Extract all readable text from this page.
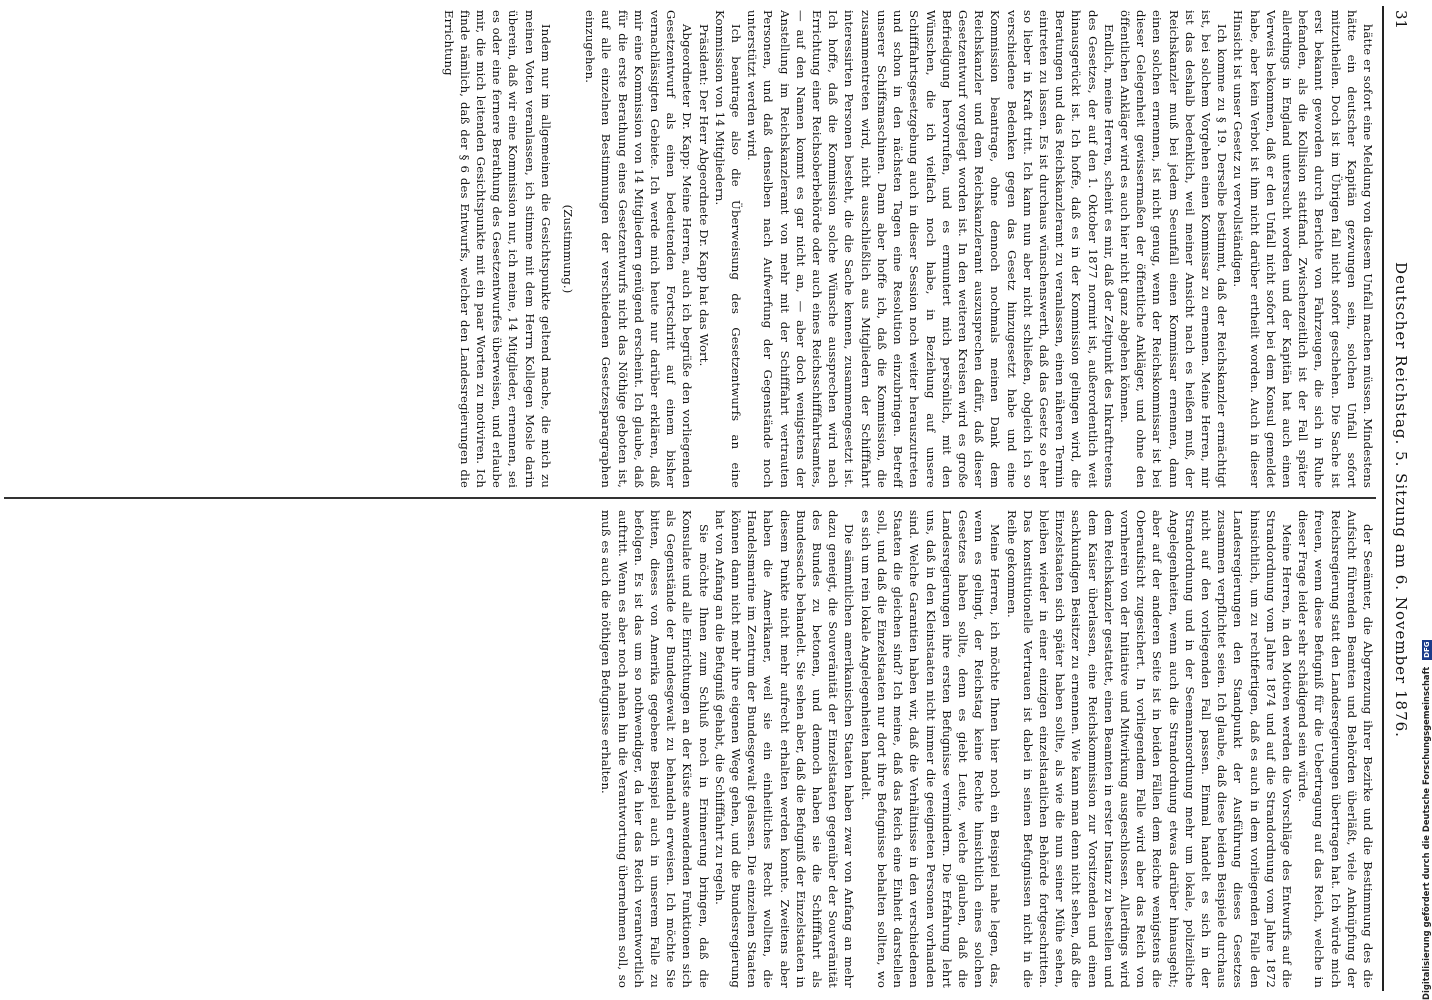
31
Deutscher Reichstag. 5. Sitzung am 6. November 1876.

hätte er sofort eine Meldung von diesem Unfall machen müssen. Mindestens hätte ein deutscher Kapitän gezwungen sein, solchen Unfall sofort mitzutheilen. Doch ist im Übrigen fall nicht sofort geschehen. Die Sache ist erst bekannt geworden durch Berichte von Fahrzeugen, die sich in Ruhe befanden, als die Kollision stattfand. Zwischenzeitlich ist der Fall später allerdings in England untersucht worden und der Kapitän hat auch einen Verweis bekommen, daß er den Unfall nicht sofort bei dem Konsul gemeldet habe, aber kein Verbot ist ihm nicht darüber ertheilt worden. Auch in dieser Hinsicht ist unser Gesetz zu vervollständigen.

Ich komme zu § 19. Derselbe bestimmt, daß der Reichskanzler ermächtigt ist, bei solchem Vorgehen einen Kommissar zu ernennen. Meine Herren, mir ist das deshalb bedenklich, weil meiner Ansicht nach es heißen muß, der Reichskanzler muß bei jedem Seeunfall einen Kommissar ernennen, dann einen solchen ernennen, ist nicht genug, wenn der Reichskommissar ist bei dieser Gelegenheit gewissermaßen der öffentliche Ankläger, und ohne den öffentlichen Ankläger wird es auch hier nicht ganz abgehen können.

Endlich, meine Herren, scheint es mir, daß der Zeitpunkt des Inkrafttretens des Gesetzes, der auf den 1. Oktober 1877 normirt ist, außerordentlich weit hinausgerückt ist. Ich hoffe, daß es in der Kommission gelingen wird, die Beratungen und das Reichskanzleramt zu veranlassen, einen näheren Termin eintreten zu lassen. Es ist durchaus wünschenswerth, daß das Gesetz so eher so lieber in Kraft tritt. Ich kann nun aber nicht schließen, obgleich ich so verschiedene Bedenken gegen das Gesetz hinzugesetzt habe und eine Kommission beantrage, ohne dennoch nochmals meinen Dank dem Reichskanzler und dem Reichskanzleramt auszusprechen dafür, daß dieser Gesetzentwurf vorgelegt worden ist. In den weiteren Kreisen wird es große Befriedigung hervorrufen, und es ermuntert mich persönlich, mit den Wünschen, die ich vielfach noch habe, in Beziehung auf unsere Schifffahrtsgesetzgebung auch in dieser Session noch weiter herauszutreten und schon in den nächsten Tagen eine Resolution einzubringen. Betreff unserer Schiffsmaschinen. Dann aber hoffe ich, daß die Kommission, die zusammentreten wird, nicht ausschließlich aus Mitgliedern der Schifffahrt interessirten Personen besteht, die die Sache kennen, zusammengesetzt ist. Ich hoffe, daß die Kommission solche Wünsche aussprechen wird nach Errichtung einer Reichsoberbehörde oder auch eines Reichsschifffahrtsamtes, — auf den Namen kommt es gar nicht an, — aber doch wenigstens der Anstellung im Reichskanzleramt von mehr mit der Schifffahrt vertrauten Personen, und daß denselben nach Aufwerfung der Gegenstände noch unterstützt werden wird.

Ich beantrage also die Überweisung des Gesetzentwurfs an eine Kommission von 14 Mitgliedern.

Präsident: Der Herr Abgeordnete Dr. Kapp hat das Wort.

Abgeordneter Dr. Kapp: Meine Herren, auch ich begrüße den vorliegenden Gesetzentwurf als einen bedeutenden Fortschritt auf einem bisher vernachlässigten Gebiete. Ich werde mich heute nur darüber erklären, daß mir eine Kommission von 14 Mitgliedern genügend erscheint. Ich glaube, daß für die erste Berathung eines Gesetzentwurfs nicht das Nöthige geboten ist, auf alle einzelnen Bestimmungen der verschiedenen Gesetzesparagraphen einzugehen.

(Zustimmung.)

Indem nur im allgemeinen die Gesichtspunkte geltend mache, die mich zu meinen Voten veranlassen, ich stimme mit dem Herrn Kollegen Mosle darin überein, daß wir eine Kommission nur, ich meine, 14 Mitglieder, ernennen, sei es oder eine fernere Berathung des Gesetzentwurfes überweisen, und erlaube mir, die mich leitenden Gesichtspunkte mit ein paar Worten zu motiviren. Ich finde nämlich, daß der § 6 des Entwurfs, welcher den Landesregierungen die Errichtung

der Seeämter, die Abgrenzung ihrer Bezirke und die Bestimmung des die Aufsicht führenden Beamten und Behörden überläßt, viele Anknüpfung der Reichsregierung statt den Landesregierungen übertragen hat. Ich würde mich freuen, wenn diese Befugniß für die Uebertragung auf das Reich, welche in dieser Frage leider sehr schädigend sein würde.

Meine Herren, in den Motiven werden die Vorschläge des Entwurfs auf die Strandordnung vom Jahre 1874 und auf die Strandordnung vom Jahre 1872 hinsichtlich, um zu rechtfertigen, daß es auch in dem vorliegenden Falle den Landesregierungen den Standpunkt der Ausführung dieses Gesetzes zusammen verpflichtet seien. Ich glaube, daß diese beiden Beispiele durchaus nicht auf den vorliegenden Fall passen. Einmal handelt es sich in der Strandordnung und in der Seemannsordnung mehr um lokale, polizeiliche Angelegenheiten, wenn auch die Strandordnung etwas darüber hinausgeht; aber auf der anderen Seite ist in beiden Fällen dem Reiche wenigstens die Oberaufsicht zugesichert. In vorliegendem Falle wird aber das Reich von vornherein von der Initiative und Mitwirkung ausgeschlossen. Allerdings wird dem Reichskanzler gestattet, einen Beamten in erster Instanz zu bestellen und dem Kaiser überlassen, eine Reichskommission zur Vorsitzenden und einen sachkundigen Beisitzer zu ernennen. Wie kann man denn nicht sehen, daß die Einzelstaaten sich später haben sollte, als wie die nun seiner Mühe sehen, bleiben wieder in einer einzigen einzelstaatlichen Behörde fortgeschritten. Das konstitutionelle Vertrauen ist dabei in seinen Befugnissen nicht in die Reihe gekommen.

Meine Herren, ich möchte Ihnen hier noch ein Beispiel nahe legen, das, wenn es gelingt, der Reichstag keine Rechte hinsichtlich eines solchen Gesetzes haben sollte, denn es giebt Leute, welche glauben, daß die Landesregierungen ihre ersten Befugnisse vermindern. Die Erfahrung lehrt uns, daß in den Kleinstaaten nicht immer die geeigneten Personen vorhanden sind. Welche Garantien haben wir, daß die Verhältnisse in den verschiedenen Staaten die gleichen sind? Ich meine, daß das Reich eine Einheit darstellen soll, und daß die Einzelstaaten nur dort ihre Befugnisse behalten sollten, wo es sich um rein lokale Angelegenheiten handelt.

Die sämmtlichen amerikanischen Staaten haben zwar von Anfang an mehr dazu geneigt, die Souveränität der Einzelstaaten gegenüber der Souveränität des Bundes zu betonen, und dennoch haben sie die Schifffahrt als Bundessache behandelt. Sie sehen aber, daß die Befugniß der Einzelstaaten in diesem Punkte nicht mehr aufrecht erhalten werden konnte. Zweitens aber haben die Amerikaner, weil sie ein einheitliches Recht wollten, die Handelsmarine im Zentrum der Bundesgewalt gelassen. Die einzelnen Staaten können dann nicht mehr ihre eigenen Wege gehen, und die Bundesregierung hat von Anfang an die Befugniß gehabt, die Schifffahrt zu regeln.

Sie möchte Ihnen zum Schluß noch in Erinnerung bringen, daß die Konsulate und alle Einrichtungen an der Küste anwendenden Funktionen sich als Gegenstände der Bundesgewalt zu behandeln erweisen. Ich möchte Sie bitten, dieses von Amerika gegebene Beispiel auch in unserem Falle zu befolgen. Es ist das um so nothwendiger, da hier das Reich verantwortlich auftritt. Wenn es aber noch nahen hin die Verantwortung übernehmen soll, so muß es auch die nöthigen Befugnisse erhalten.

Digitalisierung gefördert durch die Deutsche Forschungsgemeinschaft DFG
